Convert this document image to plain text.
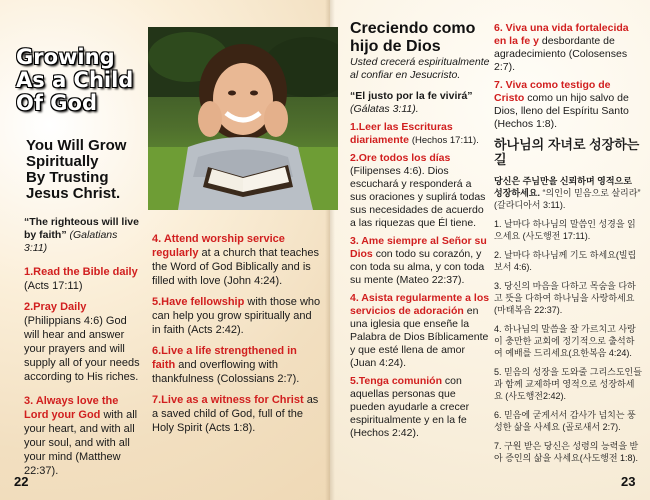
Growing
As a Child
Of God
You Will Grow
Spiritually
By Trusting
Jesus Christ.
“The righteous will live by faith” (Galatians 3:11)
1.Read the Bible daily (Acts 17:11)
2.Pray Daily
(Philippians 4:6) God will hear and answer your prayers and will supply all of your needs according to His riches.
3. Always love the Lord your God with all your heart, and with all your soul, and with all your mind (Matthew 22:37).
4. Attend worship service regularly at a church that teaches the Word of God Biblically and is filled with love (John 4:24).
5.Have fellowship with those who can help you grow spiritually and in faith (Acts 2:42).
6.Live a life strengthened in faith and overflowing with thankfulness (Colossians 2:7).
7.Live as a witness for Christ as a saved child of God, full of the Holy Spirit (Acts 1:8).
22
Creciendo como hijo de Dios
Usted crecerá espiritualmente al confiar en Jesucristo.
“El justo por la fe vivirá” (Gálatas 3:11).
1.Leer las Escrituras diariamente (Hechos 17:11).
2.Ore todos los días (Filipenses 4:6). Dios escuchará y responderá a sus oraciones y suplirá todas sus necesidades de acuerdo a las riquezas que Él tiene.
3. Ame siempre al Señor su Dios con todo su corazón, y con toda su alma, y con toda su mente (Mateo 22:37).
4. Asista regularmente a los servicios de adoración en una iglesia que enseñe la Palabra de Dios Bíblicamente y que esté llena de amor (Juan 4:24).
5.Tenga comunión con aquellas personas que pueden ayudarle a crecer espiritualmente y en la fe (Hechos 2:42).
6. Viva una vida fortalecida en la fe y desbordante de agradecimiento (Colosenses 2:7).
7. Viva como testigo de Cristo como un hijo salvo de Dios, lleno del Espíritu Santo (Hechos 1:8).
하나님의 자녀로 성장하는 길
당신은 주님만을 신뢰하며 영적으로 성장하세요. “의인이 믿음으로 살리라” (갈라디아서 3:11).
1. 날마다 하나님의 말씀인 성경을 읽으세요 (사도행전 17:11).
2. 날마다 하나님께 기도 하세요(빌립보서 4:6).
3. 당신의 마음을 다하고 목숨을 다하고 뜻을 다하여 하나님을 사랑하세요(마태복음 22:37).
4. 하나님의 말씀을 잘 가르치고 사랑이 충만한 교회에 정기적으로 출석하여 예배를 드리세요(요한복음 4:24).
5. 믿음의 성장을 도와줄 그리스도인들과 함께 교제하며 영적으로 성장하세요 (사도행전2:42).
6. 믿음에 굳게서서 감사가 넘치는 풍성한 삶을 사세요 (골로새서 2:7).
7. 구원 받은 당신은 성령의 능력을 받아 증인의 삶을 사세요(사도행전 1:8).
23
